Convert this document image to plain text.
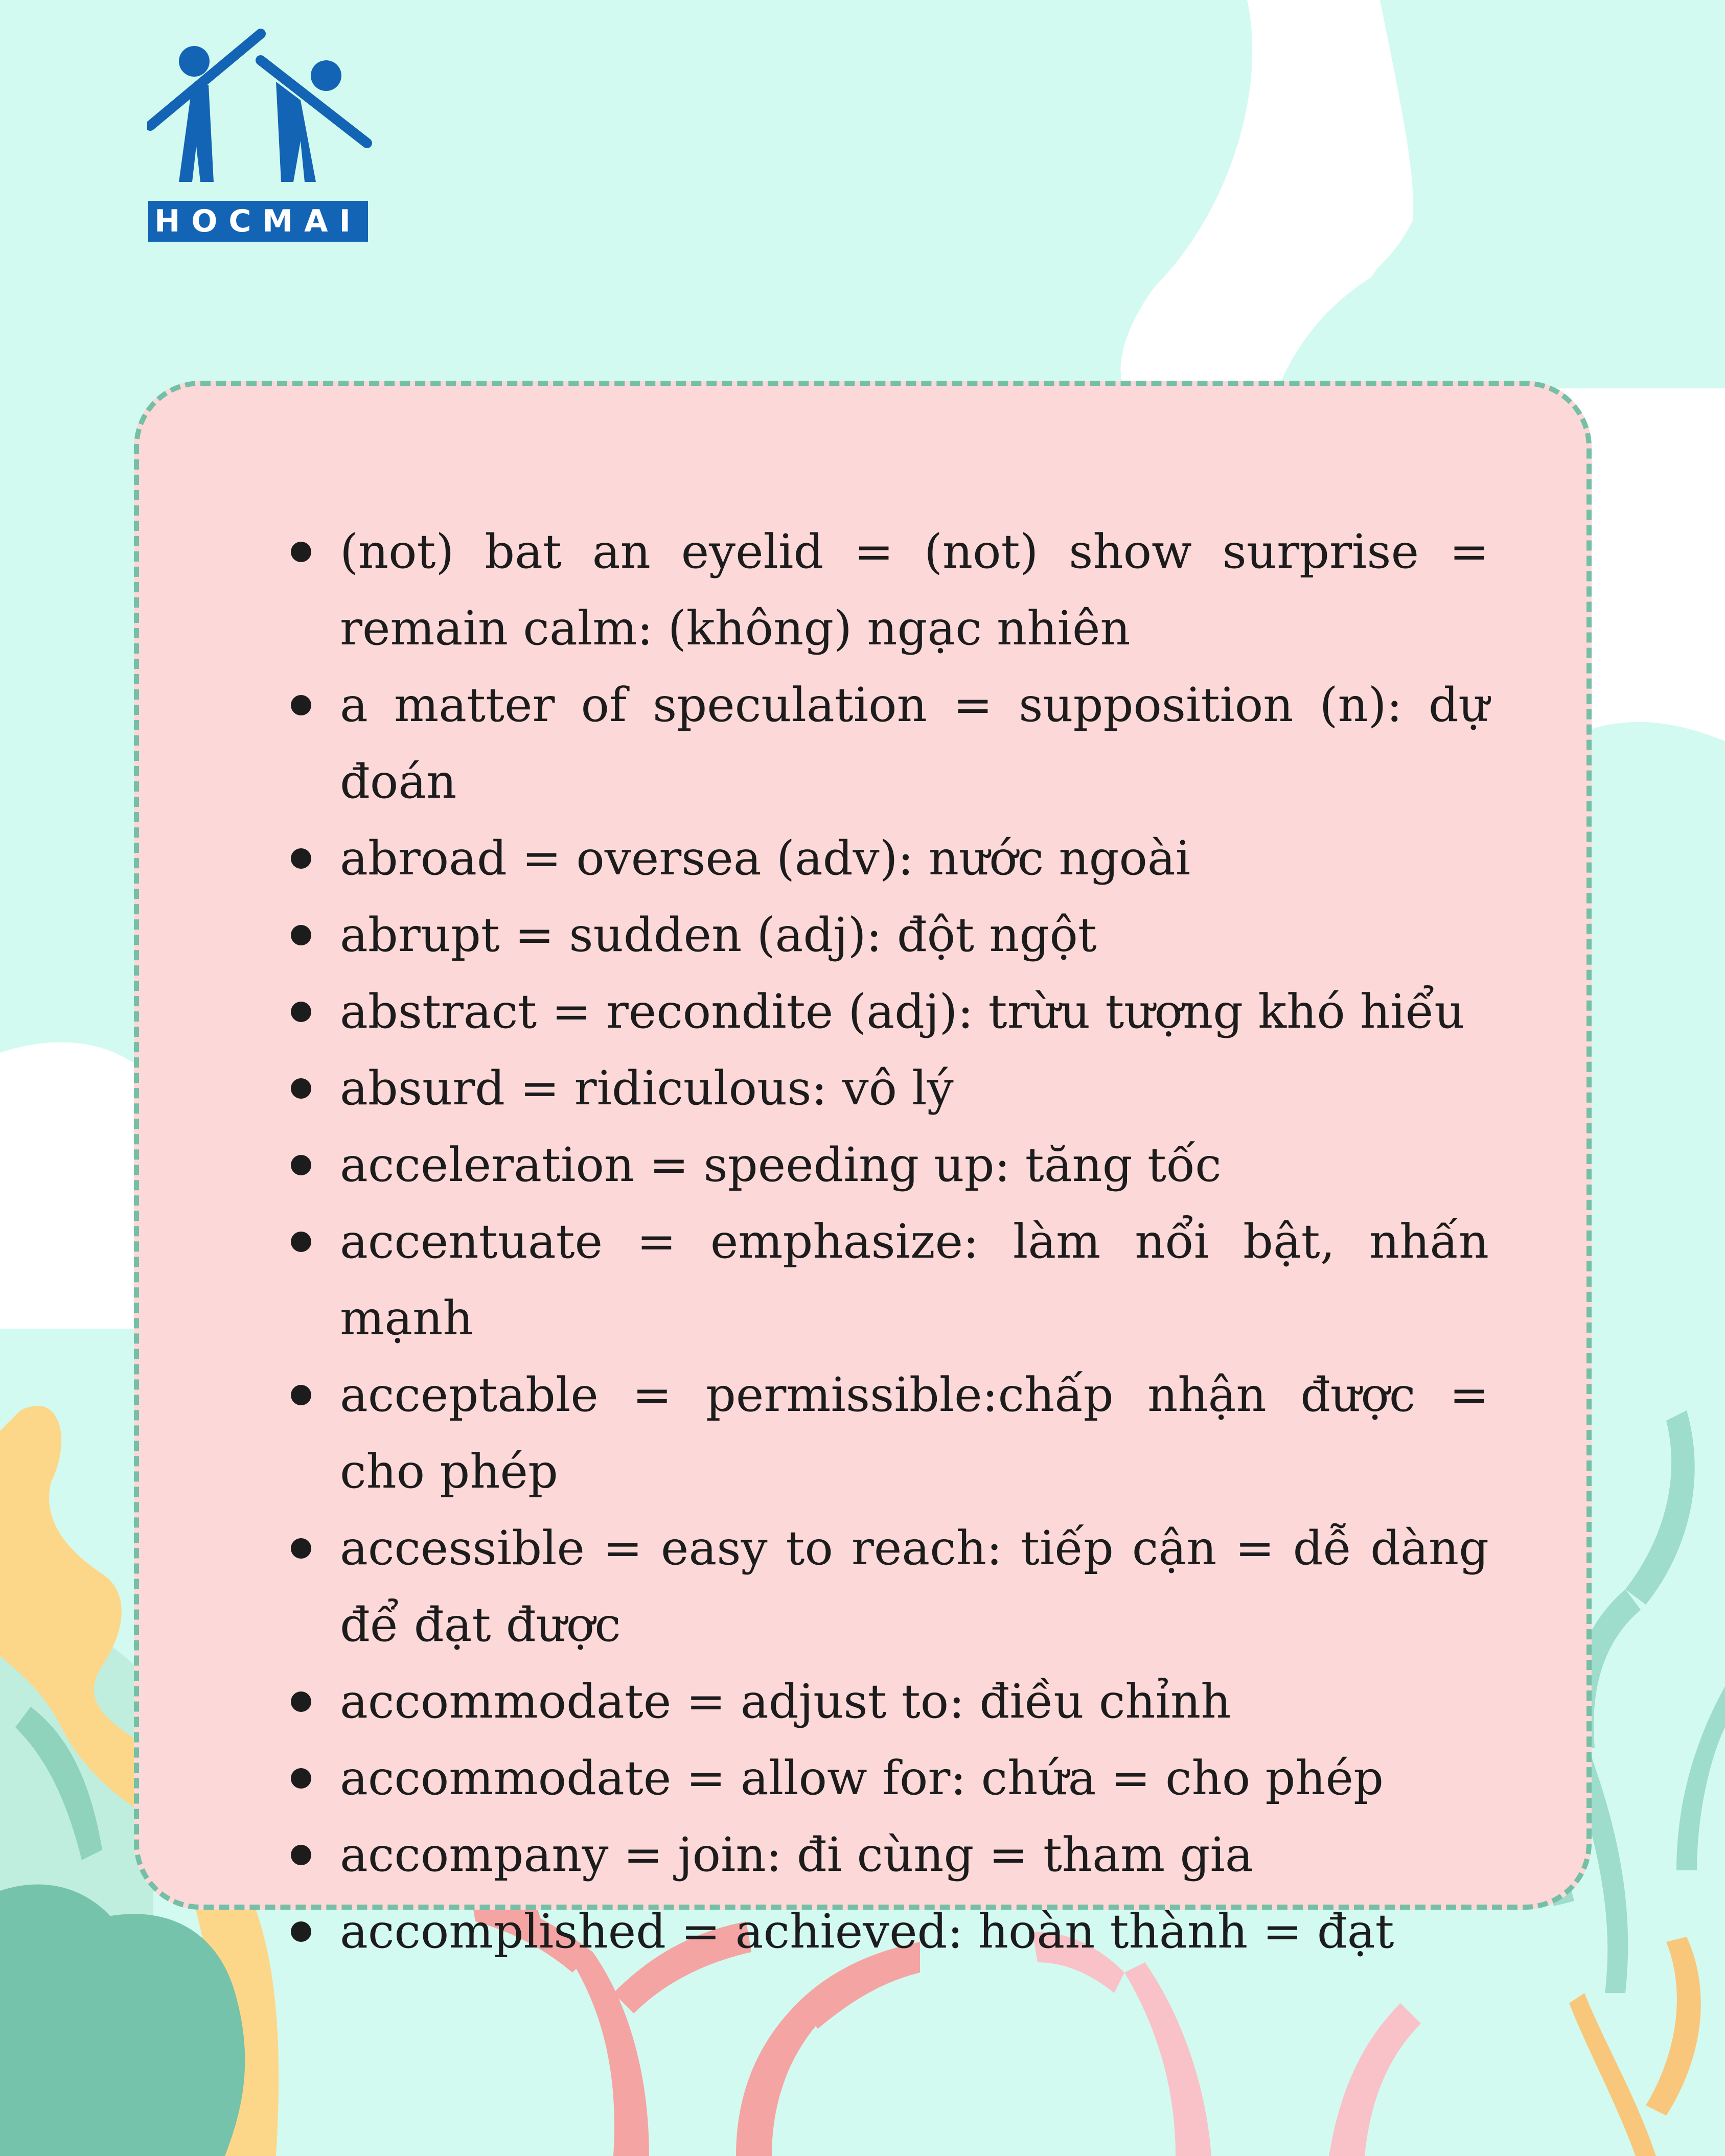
HOCMAI
(not) bat an eyelid = (not) show surprise = remain calm: (không) ngạc nhiên
a matter of speculation = supposition (n): dự đoán
abroad = oversea (adv): nước ngoài
abrupt = sudden (adj): đột ngột
abstract = recondite (adj): trừu tượng khó hiểu
absurd = ridiculous: vô lý
acceleration = speeding up: tăng tốc
accentuate = emphasize: làm nổi bật, nhấn mạnh
acceptable = permissible:chấp nhận được = cho phép
accessible = easy to reach: tiếp cận = dễ dàng để đạt được
accommodate = adjust to: điều chỉnh
accommodate = allow for: chứa = cho phép
accompany = join: đi cùng = tham gia
accomplished = achieved: hoàn thành = đạt
